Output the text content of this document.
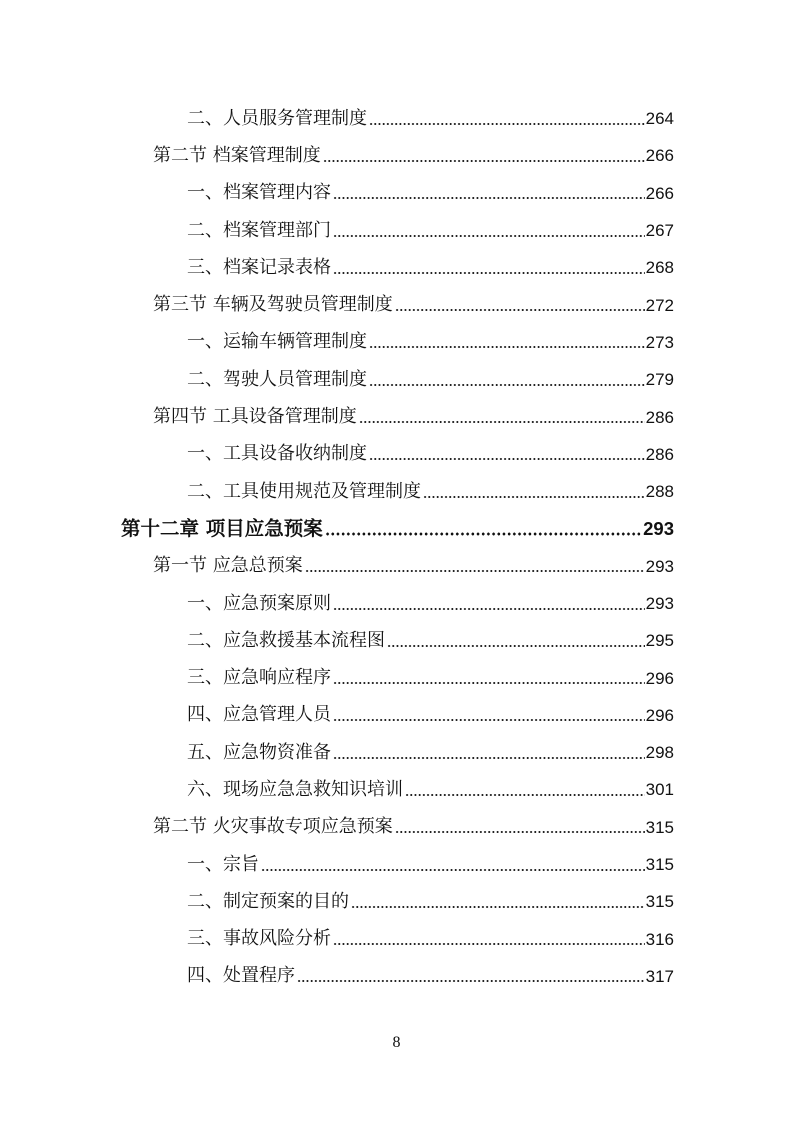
二、人员服务管理制度	264
第二节 档案管理制度	266
一、档案管理内容	266
二、档案管理部门	267
三、档案记录表格	268
第三节 车辆及驾驶员管理制度	272
一、运输车辆管理制度	273
二、驾驶人员管理制度	279
第四节 工具设备管理制度	286
一、工具设备收纳制度	286
二、工具使用规范及管理制度	288
第十二章 项目应急预案	293
第一节 应急总预案	293
一、应急预案原则	293
二、应急救援基本流程图	295
三、应急响应程序	296
四、应急管理人员	296
五、应急物资准备	298
六、现场应急急救知识培训	301
第二节 火灾事故专项应急预案	315
一、宗旨	315
二、制定预案的目的	315
三、事故风险分析	316
四、处置程序	317
8
